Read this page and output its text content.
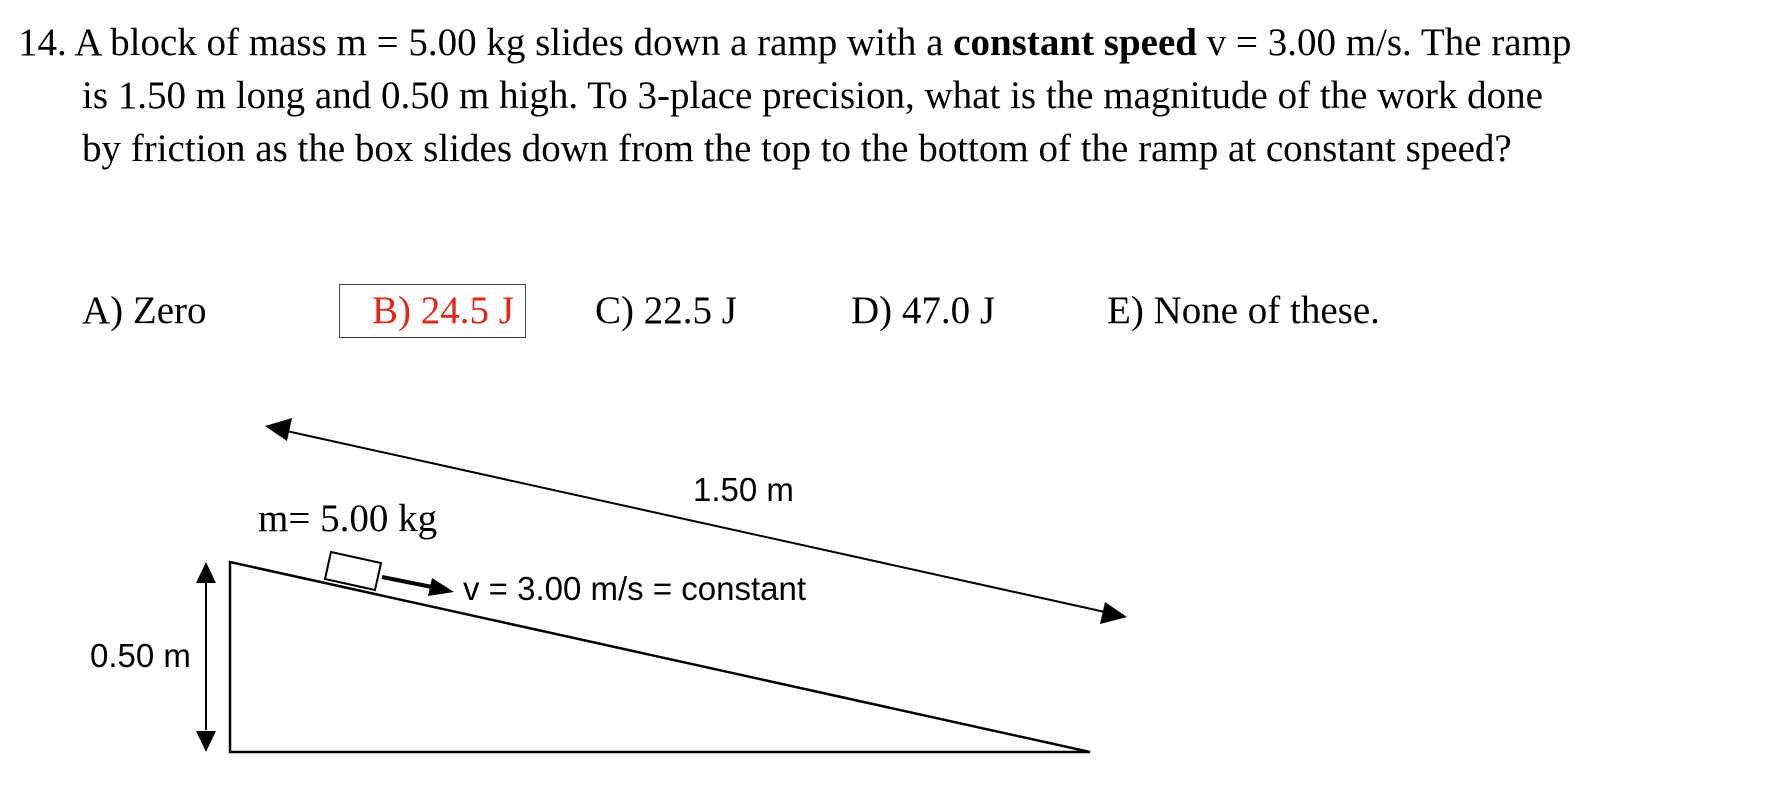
14. A block of mass m = 5.00 kg slides down a ramp with a constant speed v = 3.00 m/s. The ramp
is 1.50 m long and 0.50 m high. To 3-place precision, what is the magnitude of the work done
by friction as the box slides down from the top to the bottom of the ramp at constant speed?
A) Zero	B) 24.5 J	C) 22.5 J	D) 47.0 J	E) None of these.
1.50 m
m= 5.00 kg
v = 3.00 m/s = constant
0.50 m
